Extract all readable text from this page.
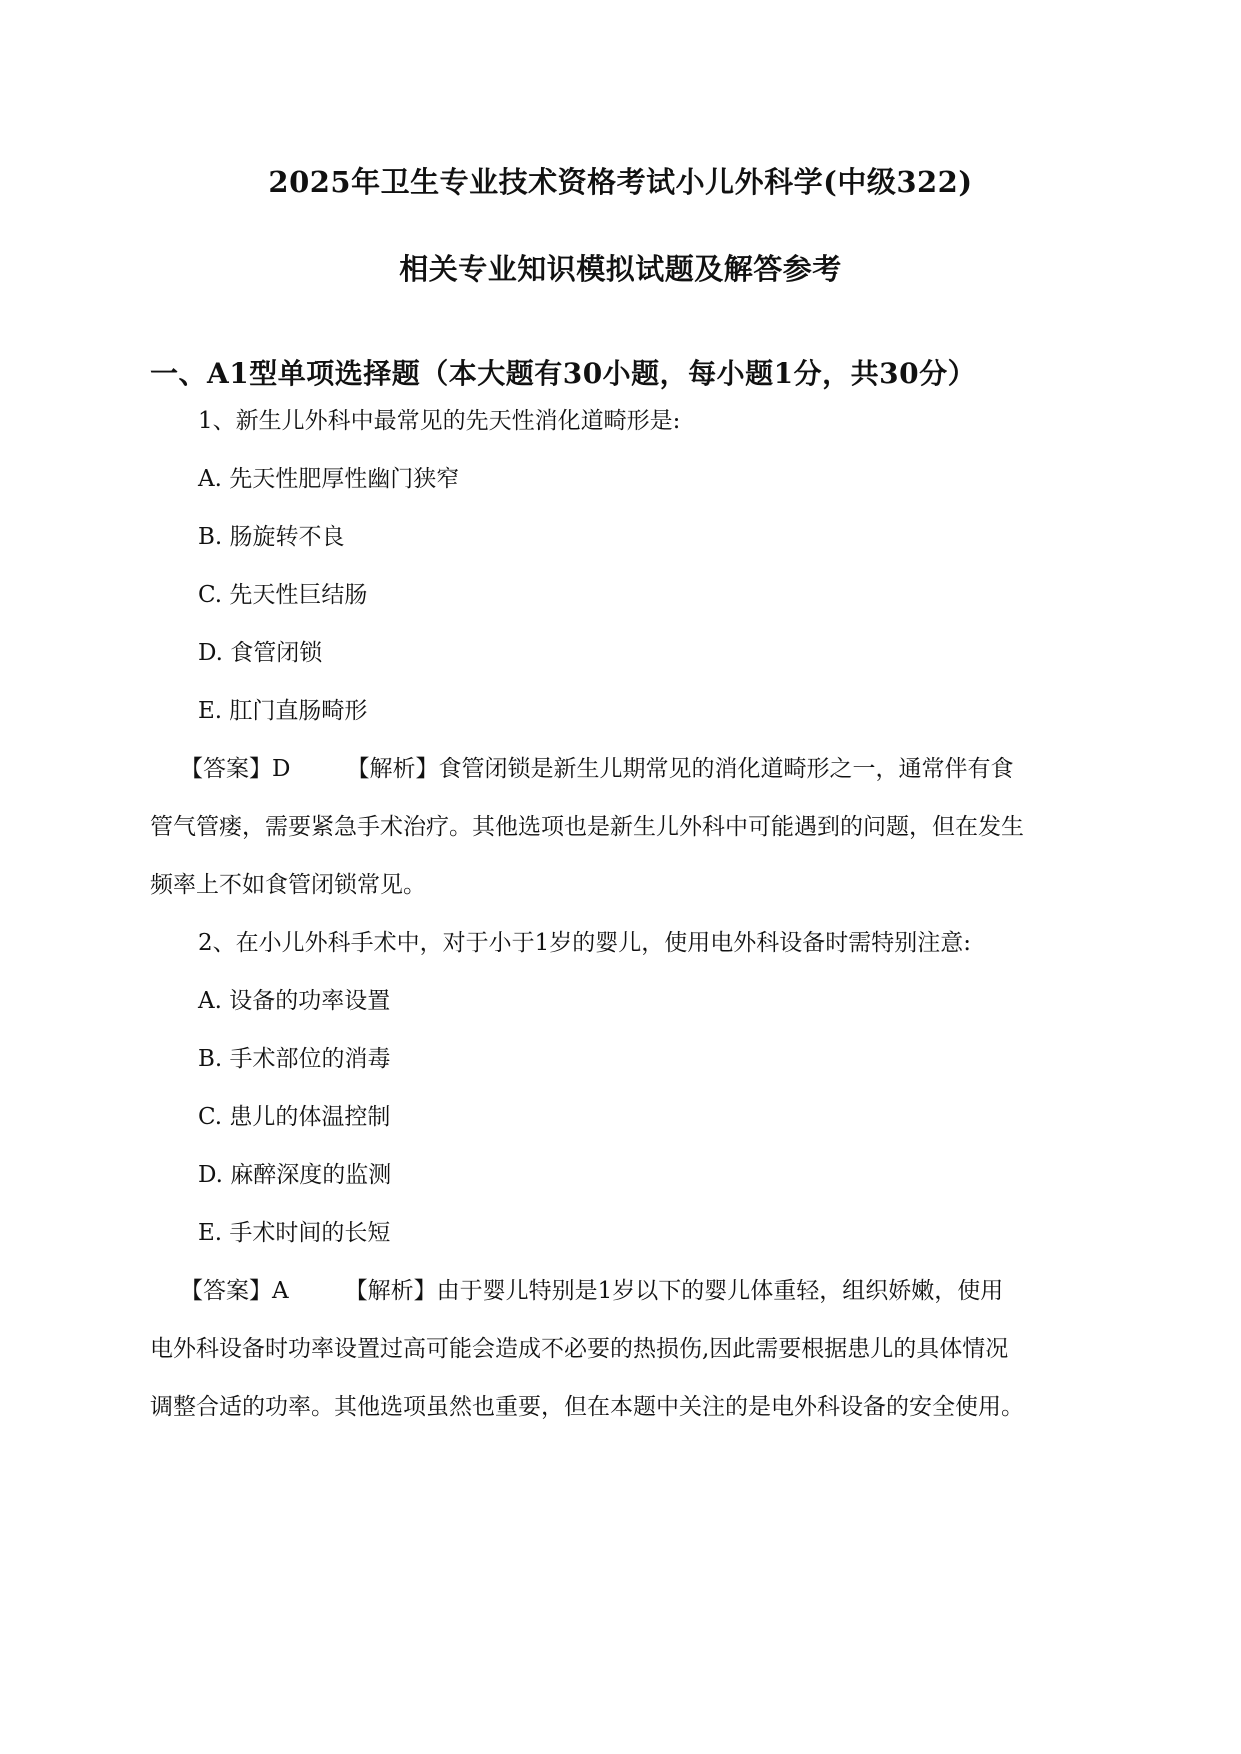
2025年卫生专业技术资格考试小儿外科学(中级322)
相关专业知识模拟试题及解答参考
一、A1型单项选择题（本大题有30小题，每小题1分，共30分）
1、新生儿外科中最常见的先天性消化道畸形是:
A. 先天性肥厚性幽门狭窄
B. 肠旋转不良
C. 先天性巨结肠
D. 食管闭锁
E. 肛门直肠畸形
【答案】D 【解析】食管闭锁是新生儿期常见的消化道畸形之一，通常伴有食
管气管瘘，需要紧急手术治疗。其他选项也是新生儿外科中可能遇到的问题，但在发生
频率上不如食管闭锁常见。
2、在小儿外科手术中，对于小于1岁的婴儿，使用电外科设备时需特别注意:
A. 设备的功率设置
B. 手术部位的消毒
C. 患儿的体温控制
D. 麻醉深度的监测
E. 手术时间的长短
【答案】A 【解析】由于婴儿特别是1岁以下的婴儿体重轻，组织娇嫩，使用
电外科设备时功率设置过高可能会造成不必要的热损伤,因此需要根据患儿的具体情况
调整合适的功率。其他选项虽然也重要，但在本题中关注的是电外科设备的安全使用。
